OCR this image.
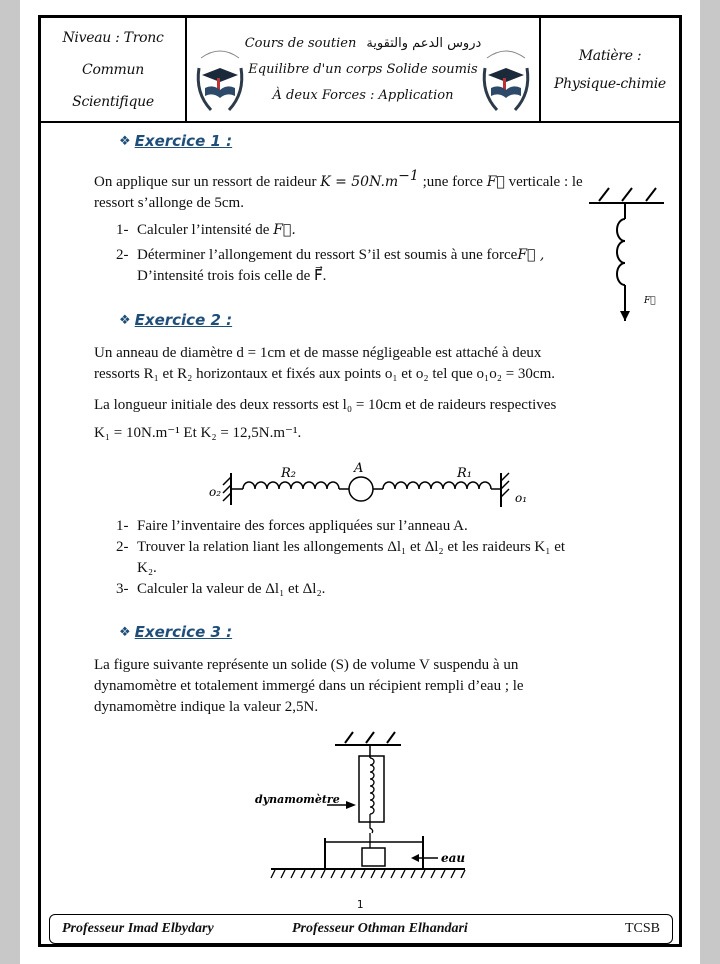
Niveau : Tronc
Commun Scientifique
Cours de soutien دروس الدعم والتقوية
Equilibre d'un corps Solide soumis
À deux Forces : Application
Matière :
Physique-chimie
❖ Exercice 1 :
On applique sur un ressort de raideur $K = 50N.m^{-1}$ ;une force F⃗ verticale : le
ressort s’allonge de 5cm.
1- Calculer l’intensité de F⃗.
2- Déterminer l’allongement du ressort S’il est soumis à une forceF⃗ ,
D’intensité trois fois celle de F⃗.
F⃗
❖ Exercice 2 :
Un anneau de diamètre d = 1cm et de masse négligeable est attaché à deux
ressorts R₁ et R₂ horizontaux et fixés aux points o₁ et o₂ tel que o₁o₂ = 30cm.
La longueur initiale des deux ressorts est l₀ = 10cm et de raideurs respectives
K₁ = 10N.m⁻¹ Et K₂ = 12,5N.m⁻¹.
o₂
R₂	A	R₁
o₁
1- Faire l’inventaire des forces appliquées sur l’anneau A.
2- Trouver la relation liant les allongements Δl₁ et Δl₂ et les raideurs K₁ et
K₂.
3- Calculer la valeur de Δl₁ et Δl₂.
❖ Exercice 3 :
La figure suivante représente un solide (S) de volume V suspendu à un
dynamomètre et totalement immergé dans un récipient rempli d’eau ; le
dynamomètre indique la valeur 2,5N.
dynamomètre
eau
1
Professeur Imad Elbydary	Professeur Othman Elhandari	TCSB
